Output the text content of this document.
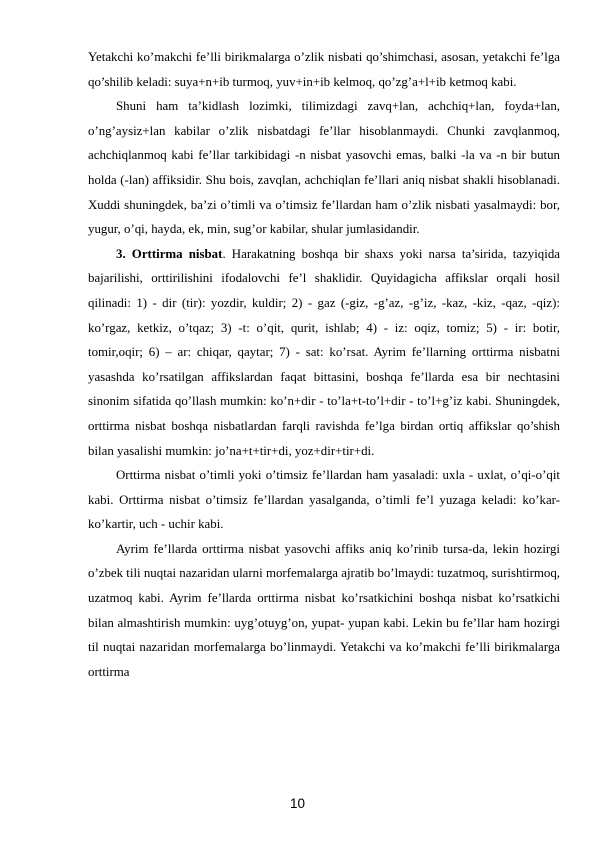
Yetakchi ko’makchi fe’lli birikmalarga o’zlik nisbati qo’shimchasi, asosan, yetakchi fe’lga qo’shilib keladi: suya+n+ib turmoq, yuv+in+ib kelmoq, qo’zg’a+l+ib ketmoq kabi.

Shuni ham ta’kidlash lozimki, tilimizdagi zavq+lan, achchiq+lan, foyda+lan, o’ng’aysiz+lan kabilar o’zlik nisbatdagi fe’llar hisoblanmaydi. Chunki zavqlanmoq, achchiqlanmoq kabi fe’llar tarkibidagi -n nisbat yasovchi emas, balki -la va -n bir butun holda (-lan) affiksidir. Shu bois, zavqlan, achchiqlan fe’llari aniq nisbat shakli hisoblanadi. Xuddi shuningdek, ba’zi o’timli va o’timsiz fe’llardan ham o’zlik nisbati yasalmaydi: bor, yugur, o’qi, hayda, ek, min, sug’or kabilar, shular jumlasidandir.

3. Orttirma nisbat. Harakatning boshqa bir shaxs yoki narsa ta’sirida, tazyiqida bajarilishi, orttirilishini ifodalovchi fe’l shaklidir. Quyidagicha affikslar orqali hosil qilinadi: 1) - dir (tir): yozdir, kuldir; 2) - gaz (-giz, -g’az, -g’iz, -kaz, -kiz, -qaz, -qiz): ko’rgaz, ketkiz, o’tqaz; 3) -t: o’qit, qurit, ishlab; 4) - iz: oqiz, tomiz; 5) - ir: botir, tomir,oqir; 6) – ar: chiqar, qaytar; 7) - sat: ko’rsat. Ayrim fe’llarning orttirma nisbatni yasashda ko’rsatilgan affikslardan faqat bittasini, boshqa fe’llarda esa bir nechtasini sinonim sifatida qo’llash mumkin: ko’n+dir - to’la+t-to’l+dir - to’l+g’iz kabi. Shuningdek, orttirma nisbat boshqa nisbatlardan farqli ravishda fe’lga birdan ortiq affikslar qo’shish bilan yasalishi mumkin: jo’na+t+tir+di, yoz+dir+tir+di.

Orttirma nisbat o’timli yoki o’timsiz fe’llardan ham yasaladi: uxla - uxlat, o’qi-o’qit kabi. Orttirma nisbat o’timsiz fe’llardan yasalganda, o’timli fe’l yuzaga keladi: ko’kar- ko’kartir, uch - uchir kabi.

Ayrim fe’llarda orttirma nisbat yasovchi affiks aniq ko’rinib tursa-da, lekin hozirgi o’zbek tili nuqtai nazaridan ularni morfemalarga ajratib bo’lmaydi: tuzatmoq, surishtirmoq, uzatmoq kabi. Ayrim fe’llarda orttirma nisbat ko’rsatkichini boshqa nisbat ko’rsatkichi bilan almashtirish mumkin: uyg’otuyg’on, yupat- yupan kabi. Lekin bu fe’llar ham hozirgi til nuqtai nazaridan morfemalarga bo’linmaydi. Yetakchi va ko’makchi fe’lli birikmalarga orttirma

10
